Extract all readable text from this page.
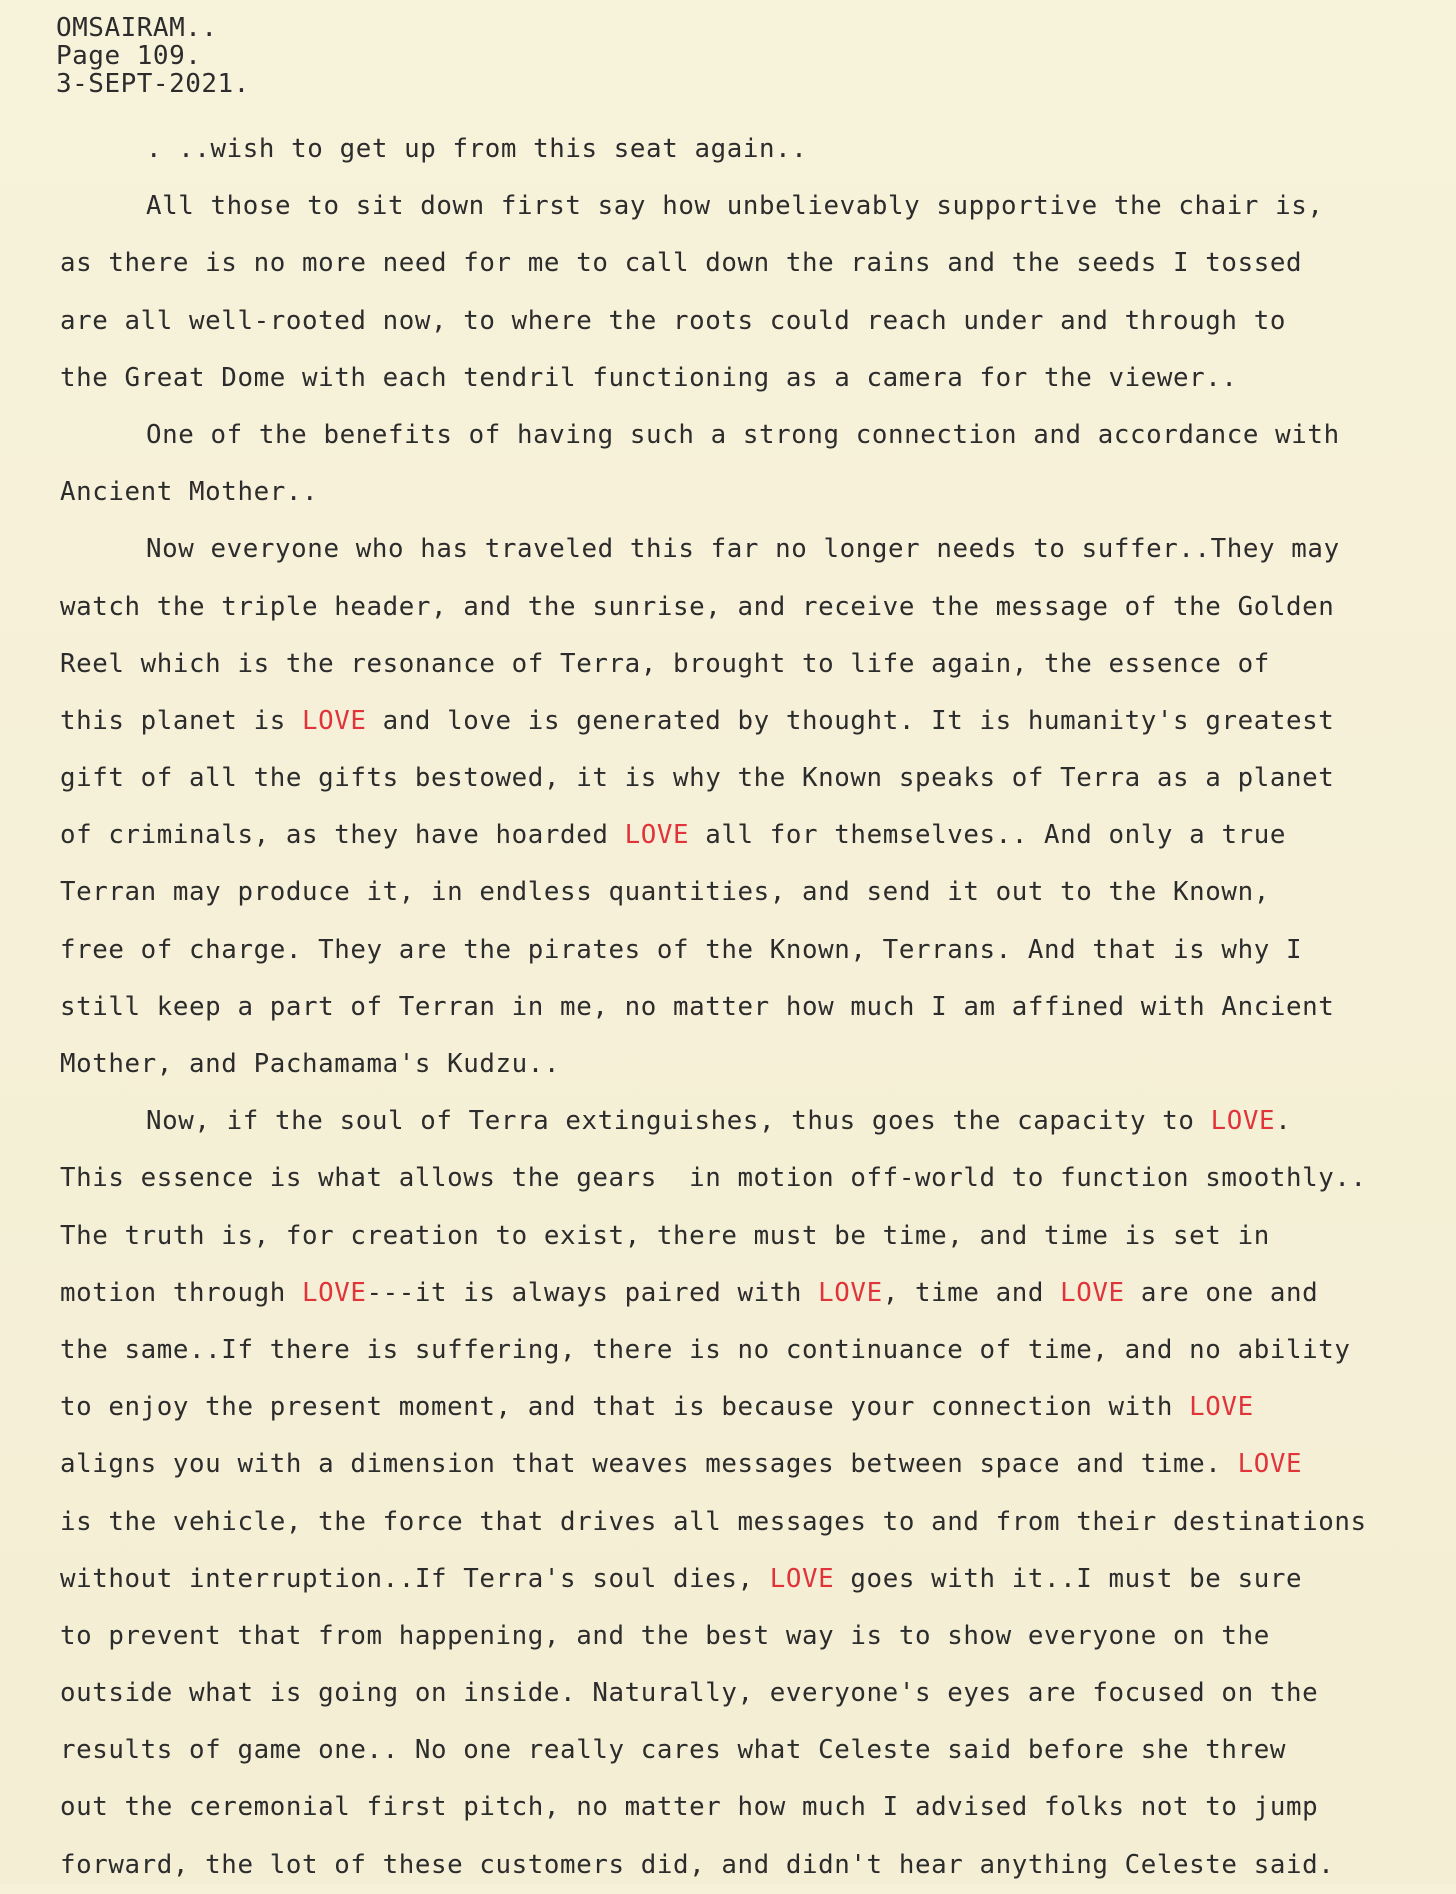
OMSAIRAM..
Page 109.
3-SEPT-2021.
. ..wish to get up from this seat again..
All those to sit down first say how unbelievably supportive the chair is,
as there is no more need for me to call down the rains and the seeds I tossed
are all well-rooted now, to where the roots could reach under and through to
the Great Dome with each tendril functioning as a camera for the viewer..
One of the benefits of having such a strong connection and accordance with
Ancient Mother..
Now everyone who has traveled this far no longer needs to suffer..They may
watch the triple header, and the sunrise, and receive the message of the Golden
Reel which is the resonance of Terra, brought to life again, the essence of
this planet is LOVE and love is generated by thought. It is humanity's greatest
gift of all the gifts bestowed, it is why the Known speaks of Terra as a planet
of criminals, as they have hoarded LOVE all for themselves.. And only a true
Terran may produce it, in endless quantities, and send it out to the Known,
free of charge. They are the pirates of the Known, Terrans. And that is why I
still keep a part of Terran in me, no matter how much I am affined with Ancient
Mother, and Pachamama's Kudzu..
Now, if the soul of Terra extinguishes, thus goes the capacity to LOVE.
This essence is what allows the gears  in motion off-world to function smoothly..
The truth is, for creation to exist, there must be time, and time is set in
motion through LOVE---it is always paired with LOVE, time and LOVE are one and
the same..If there is suffering, there is no continuance of time, and no ability
to enjoy the present moment, and that is because your connection with LOVE
aligns you with a dimension that weaves messages between space and time. LOVE
is the vehicle, the force that drives all messages to and from their destinations
without interruption..If Terra's soul dies, LOVE goes with it..I must be sure
to prevent that from happening, and the best way is to show everyone on the
outside what is going on inside. Naturally, everyone's eyes are focused on the
results of game one.. No one really cares what Celeste said before she threw
out the ceremonial first pitch, no matter how much I advised folks not to jump
forward, the lot of these customers did, and didn't hear anything Celeste said.
